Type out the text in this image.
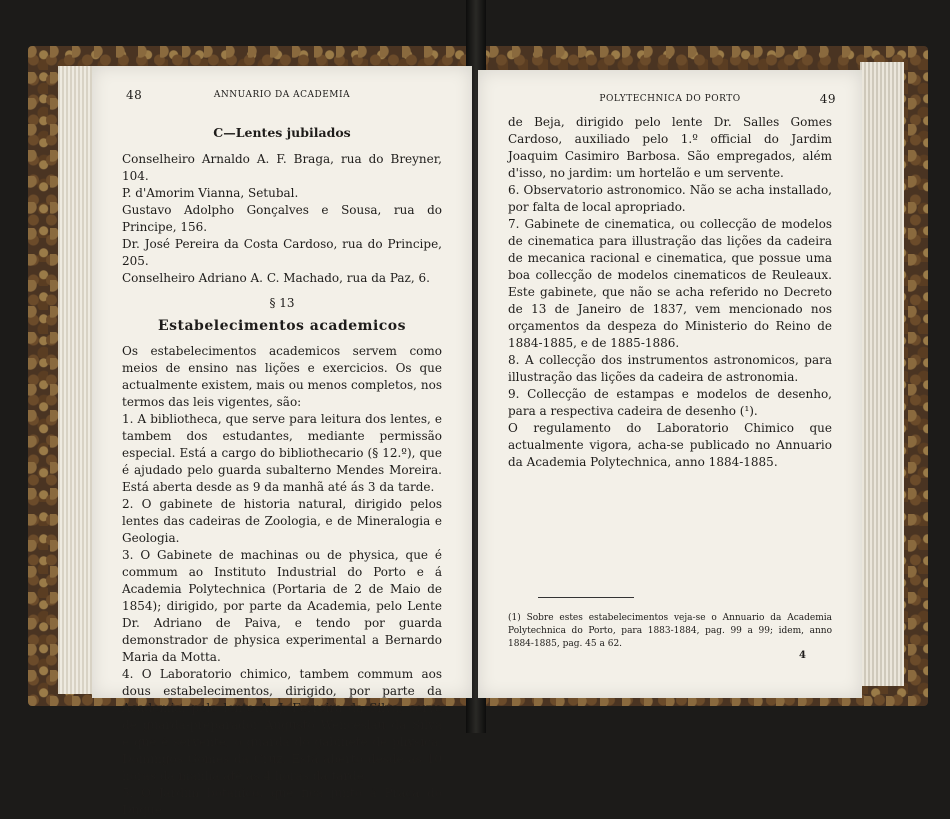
48	ANNUARIO DA ACADEMIA

C—Lentes jubilados

Conselheiro Arnaldo A. F. Braga, rua do Breyner, 104.

P. d'Amorim Vianna, Setubal.

Gustavo Adolpho Gonçalves e Sousa, rua do Principe, 156.

Dr. José Pereira da Costa Cardoso, rua do Principe, 205.

Conselheiro Adriano A. C. Machado, rua da Paz, 6.

§ 13

Estabelecimentos academicos

Os estabelecimentos academicos servem como meios de ensino nas lições e exercicios. Os que actualmente existem, mais ou menos completos, nos termos das leis vigentes, são:

1. A bibliotheca, que serve para leitura dos lentes, e tambem dos estudantes, mediante permissão especial. Está a cargo do bibliothecario (§ 12.º), que é ajudado pelo guarda subalterno Mendes Moreira. Está aberta desde as 9 da manhã até ás 3 da tarde.

2. O gabinete de historia natural, dirigido pelos lentes das cadeiras de Zoologia, e de Mineralogia e Geologia.

3. O Gabinete de machinas ou de physica, que é commum ao Instituto Industrial do Porto e á Academia Polytechnica (Portaria de 2 de Maio de 1854); dirigido, por parte da Academia, pelo Lente Dr. Adriano de Paiva, e tendo por guarda demonstrador de physica experimental a Bernardo Maria da Motta.

4. O Laboratorio chimico, tambem commum aos dous estabelecimentos, dirigido, por parte da Academia, pelo lente A. J. Ferreira da Silva; serve de guarda-preparador Augusto Wenceslau da Silva e que é servente, o guarda do gabinete de physica, Domingos Gomes da Cruz. Está aberto desde as 10 horas da manhã até ás 4 horas da tarde.

5. O Jardim botanico, que fica junto á Praça do Duque

POLYTECHNICA DO PORTO	49

de Beja, dirigido pelo lente Dr. Salles Gomes Cardoso, auxiliado pelo 1.º official do Jardim Joaquim Casimiro Barbosa. São empregados, além d'isso, no jardim: um hortelão e um servente.

6. Observatorio astronomico. Não se acha installado, por falta de local apropriado.

7. Gabinete de cinematica, ou collecção de modelos de cinematica para illustração das lições da cadeira de mecanica racional e cinematica, que possue uma boa collecção de modelos cinematicos de Reuleaux. Este gabinete, que não se acha referido no Decreto de 13 de Janeiro de 1837, vem mencionado nos orçamentos da despeza do Ministerio do Reino de 1884-1885, e de 1885-1886.

8. A collecção dos instrumentos astronomicos, para illustração das lições da cadeira de astronomia.

9. Collecção de estampas e modelos de desenho, para a respectiva cadeira de desenho (¹).

O regulamento do Laboratorio Chimico que actualmente vigora, acha-se publicado no Annuario da Academia Polytechnica, anno 1884-1885.

(1) Sobre estes estabelecimentos veja-se o Annuario da Academia Polytechnica do Porto, para 1883-1884, pag. 99 a 99; idem, anno 1884-1885, pag. 45 a 62.
4
